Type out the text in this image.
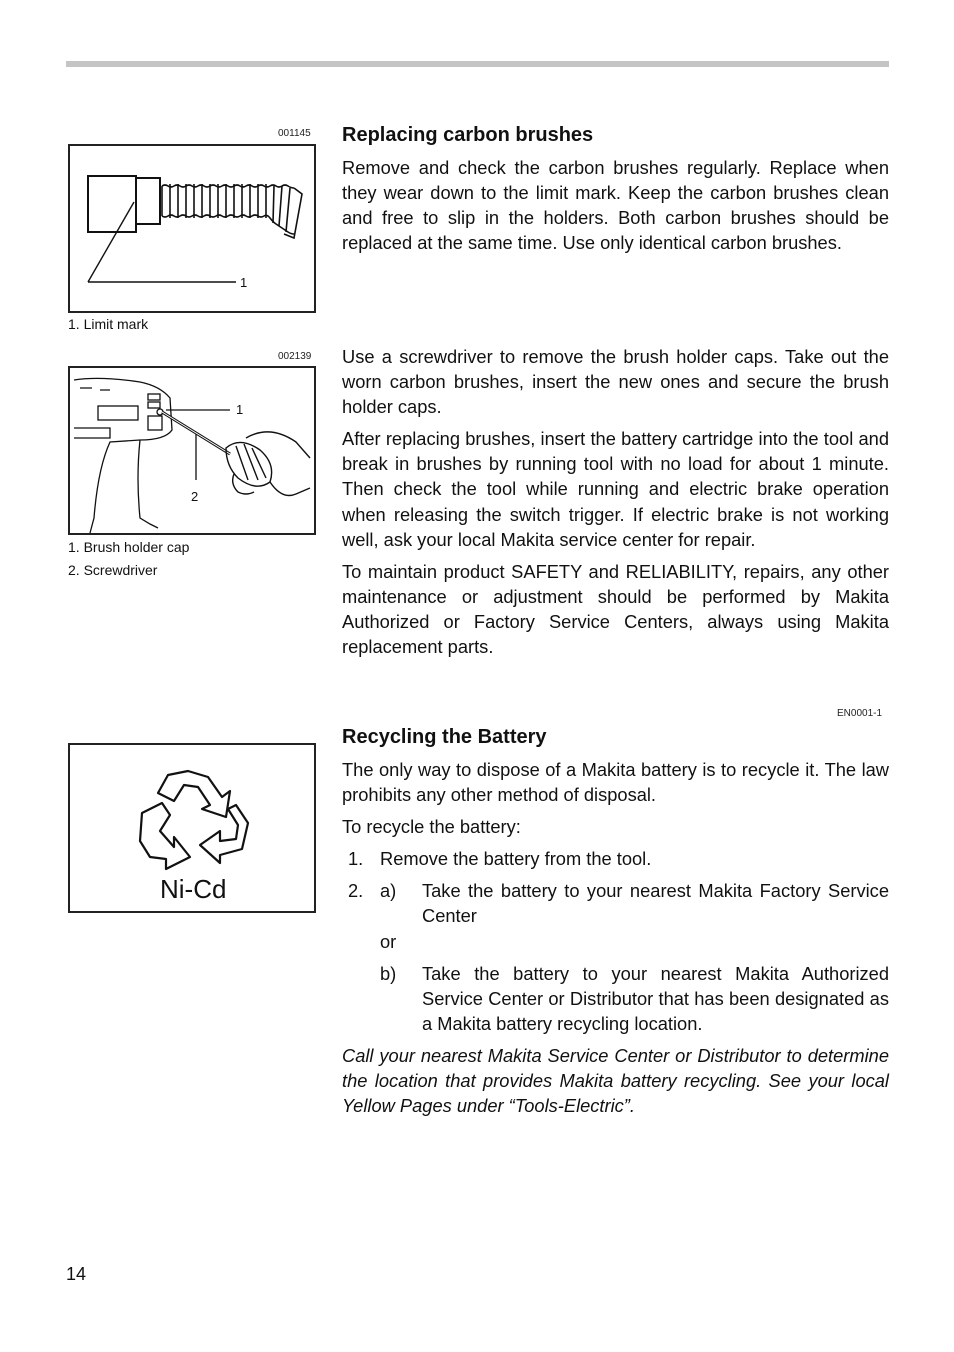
001145
1
1. Limit mark
002139
1
2
1. Brush holder cap
2. Screwdriver
Ni-Cd
Replacing carbon brushes

Remove and check the carbon brushes regularly. Replace when they wear down to the limit mark. Keep the carbon brushes clean and free to slip in the holders. Both carbon brushes should be replaced at the same time. Use only identical carbon brushes.

Use a screwdriver to remove the brush holder caps. Take out the worn carbon brushes, insert the new ones and secure the brush holder caps.

After replacing brushes, insert the battery cartridge into the tool and break in brushes by running tool with no load for about 1 minute. Then check the tool while running and electric brake operation when releasing the switch trigger. If electric brake is not working well, ask your local Makita service center for repair.

To maintain product SAFETY and RELIABILITY, repairs, any other maintenance or adjustment should be performed by Makita Authorized or Factory Service Centers, always using Makita replacement parts.

EN0001-1
Recycling the Battery

The only way to dispose of a Makita battery is to recycle it. The law prohibits any other method of disposal.

To recycle the battery:

1. Remove the battery from the tool.
2. a) Take the battery to your nearest Makita Factory Service Center
or
b) Take the battery to your nearest Makita Authorized Service Center or Distributor that has been designated as a Makita battery recycling location.

Call your nearest Makita Service Center or Distributor to determine the location that provides Makita battery recycling. See your local Yellow Pages under “Tools-Electric”.

14
